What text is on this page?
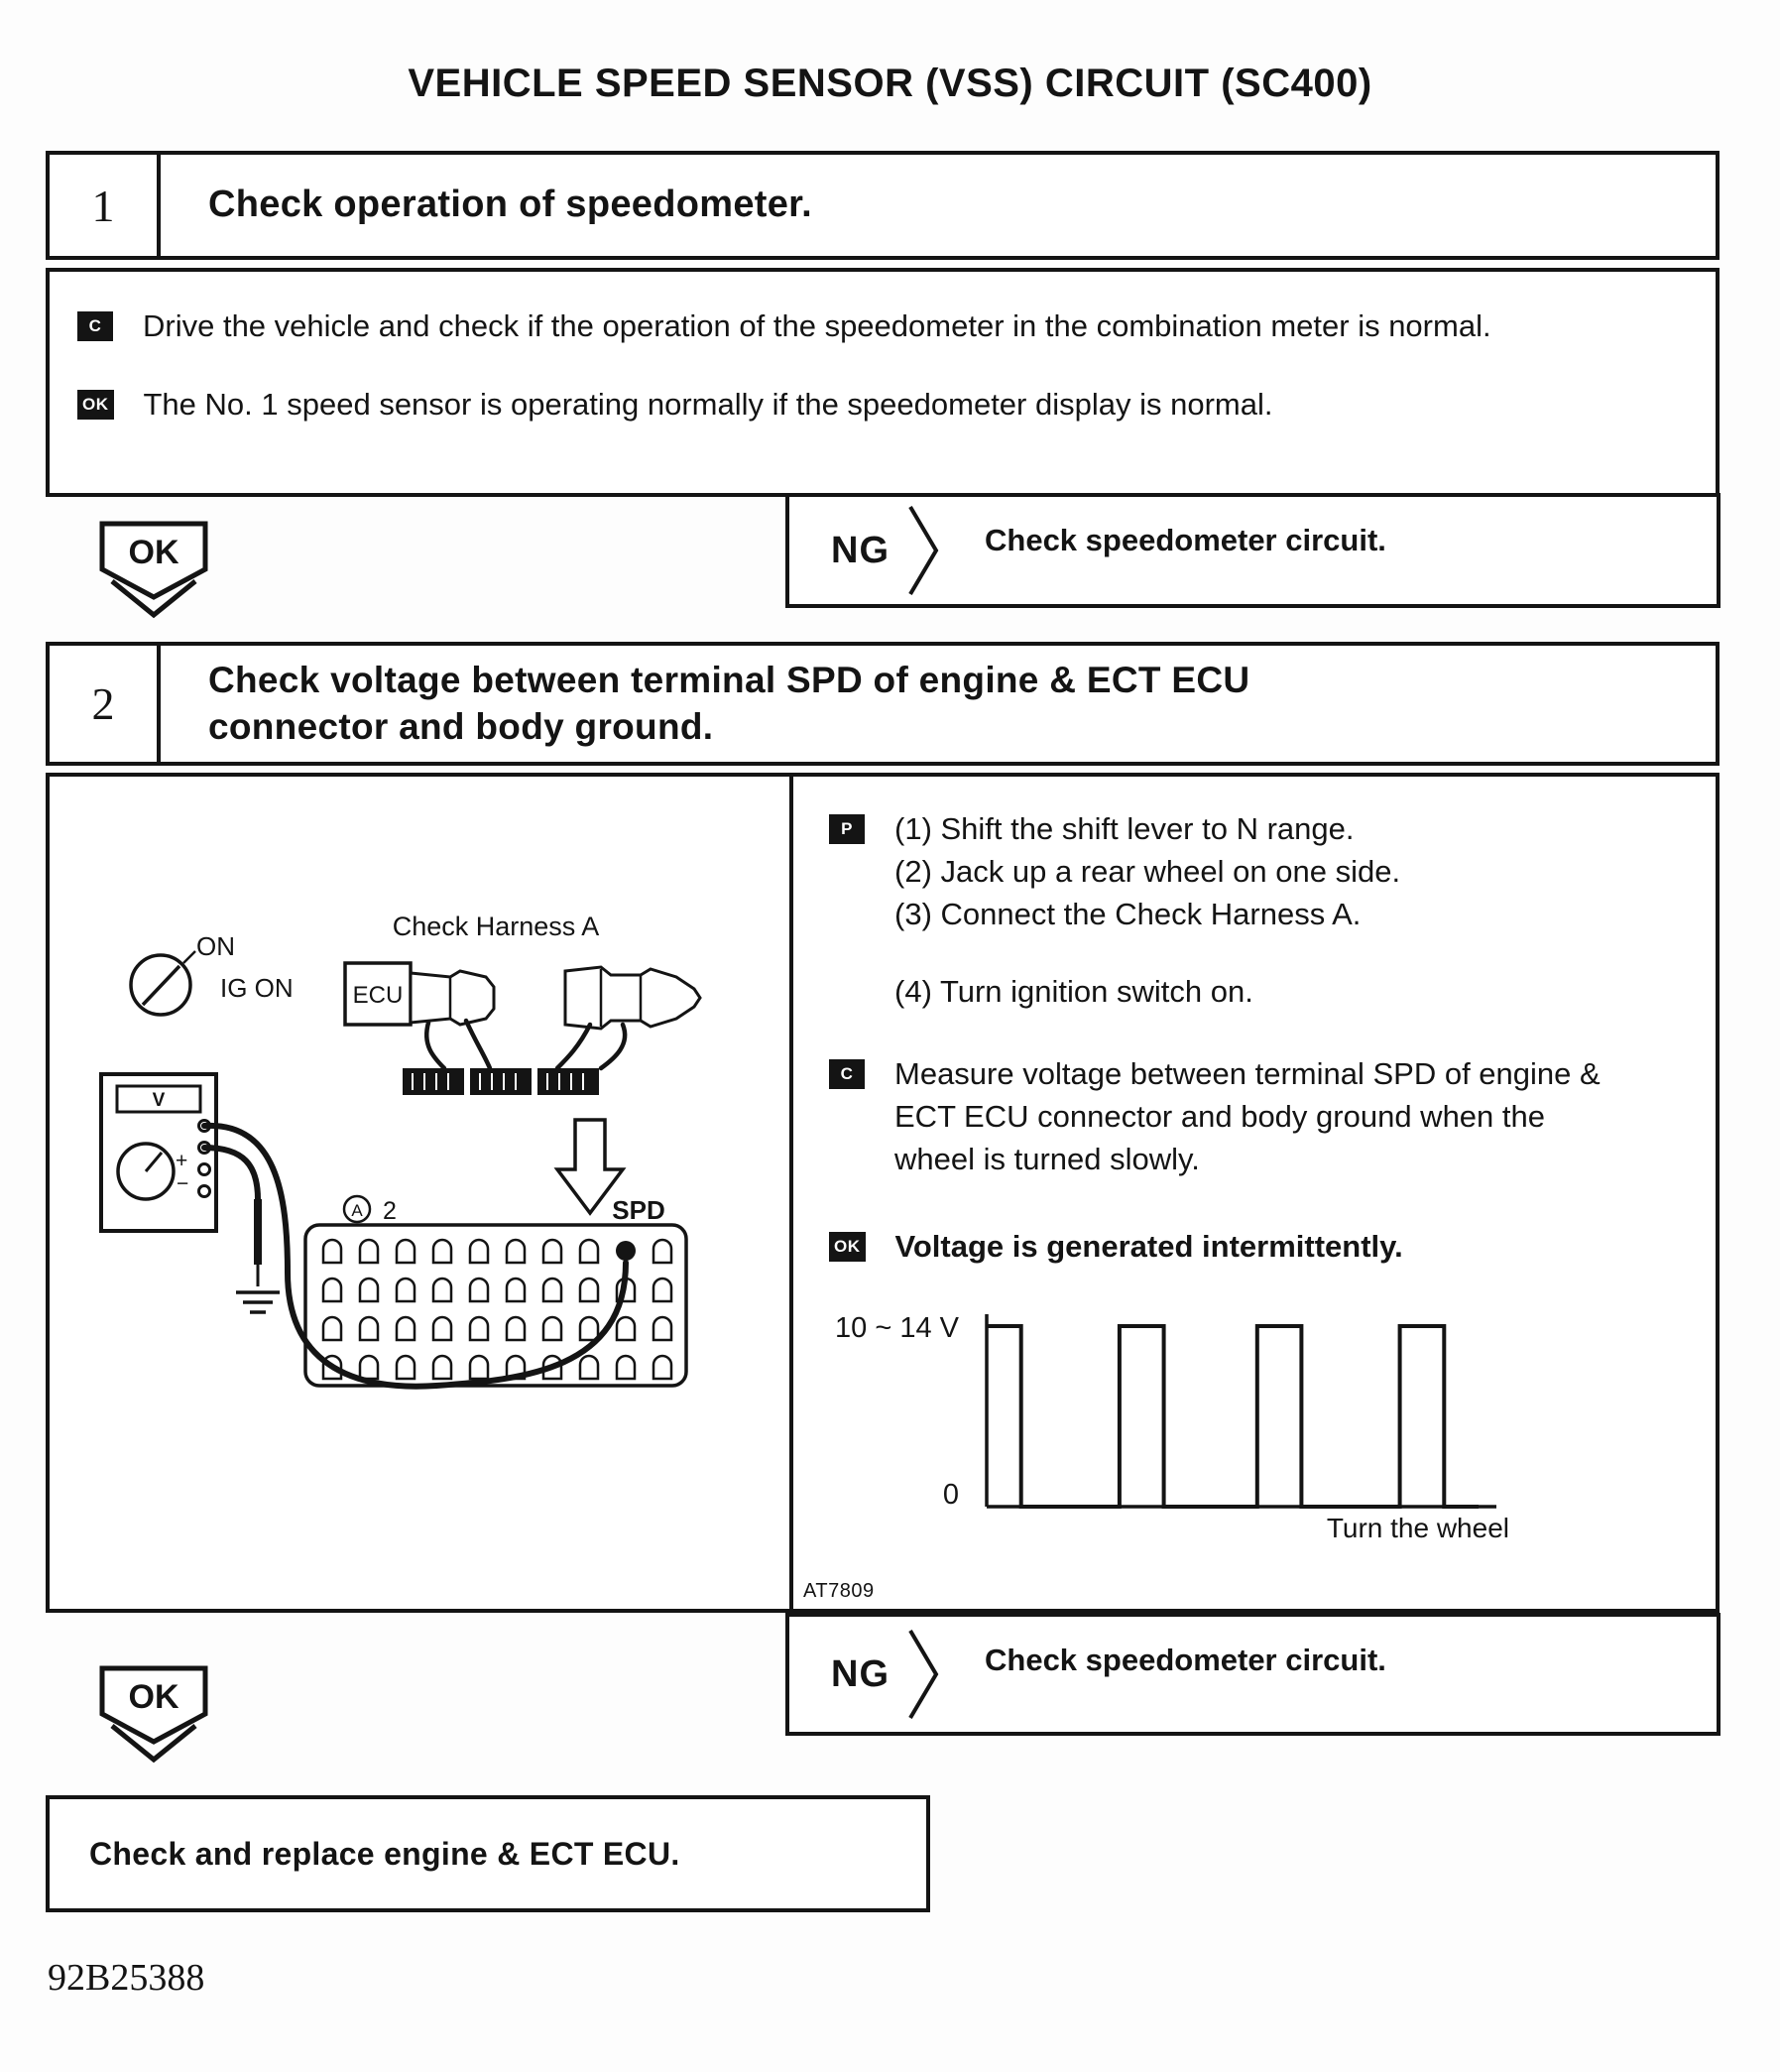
VEHICLE SPEED SENSOR (VSS) CIRCUIT (SC400)
1	Check operation of speedometer.
C	Drive the vehicle and check if the operation of the speedometer in the combination meter is normal.
OK The No. 1 speed sensor is operating normally if the speedometer display is normal.
OK	NG	Check speedometer circuit.
2	Check voltage between terminal SPD of engine & ECT ECU connector and body ground.
ON
IG ON
Check Harness A
ECU
V
+
−
A 2	SPD
P	(1) Shift the shift lever to N range.
(2) Jack up a rear wheel on one side.
(3) Connect the Check Harness A.
(4) Turn ignition switch on.
C	Measure voltage between terminal SPD of engine & ECT ECU connector and body ground when the wheel is turned slowly.
OK Voltage is generated intermittently.
10 ~ 14 V
0
Turn the wheel
AT7809
NG	Check speedometer circuit.
OK
Check and replace engine & ECT ECU.
92B25388
